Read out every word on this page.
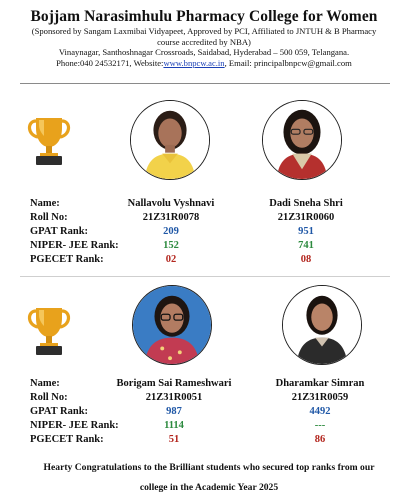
Bojjam Narasimhulu Pharmacy College for Women
(Sponsored by Sangam Laxmibai Vidyapeet, Approved by PCI, Affiliated to JNTUH & B Pharmacy
course accredited by NBA)
Vinaynagar, Santhoshnagar Crossroads, Saidabad, Hyderabad – 500 059, Telangana.
Phone:040 24532171, Website:www.bnpcw.ac.in, Email: principalbnpcw@gmail.com
Name:
Roll No:
GPAT Rank:
NIPER- JEE Rank:
PGECET Rank:
Nallavolu Vyshnavi
21Z31R0078
209
152
02
Dadi Sneha Shri
21Z31R0060
951
741
08
Name:
Roll No:
GPAT Rank:
NIPER- JEE Rank:
PGECET Rank:
Borigam Sai Rameshwari
21Z31R0051
987
1114
51
Dharamkar Simran
21Z31R0059
4492
---
86
Hearty Congratulations to the Brilliant students who secured top ranks from our
college in the Academic Year 2025
